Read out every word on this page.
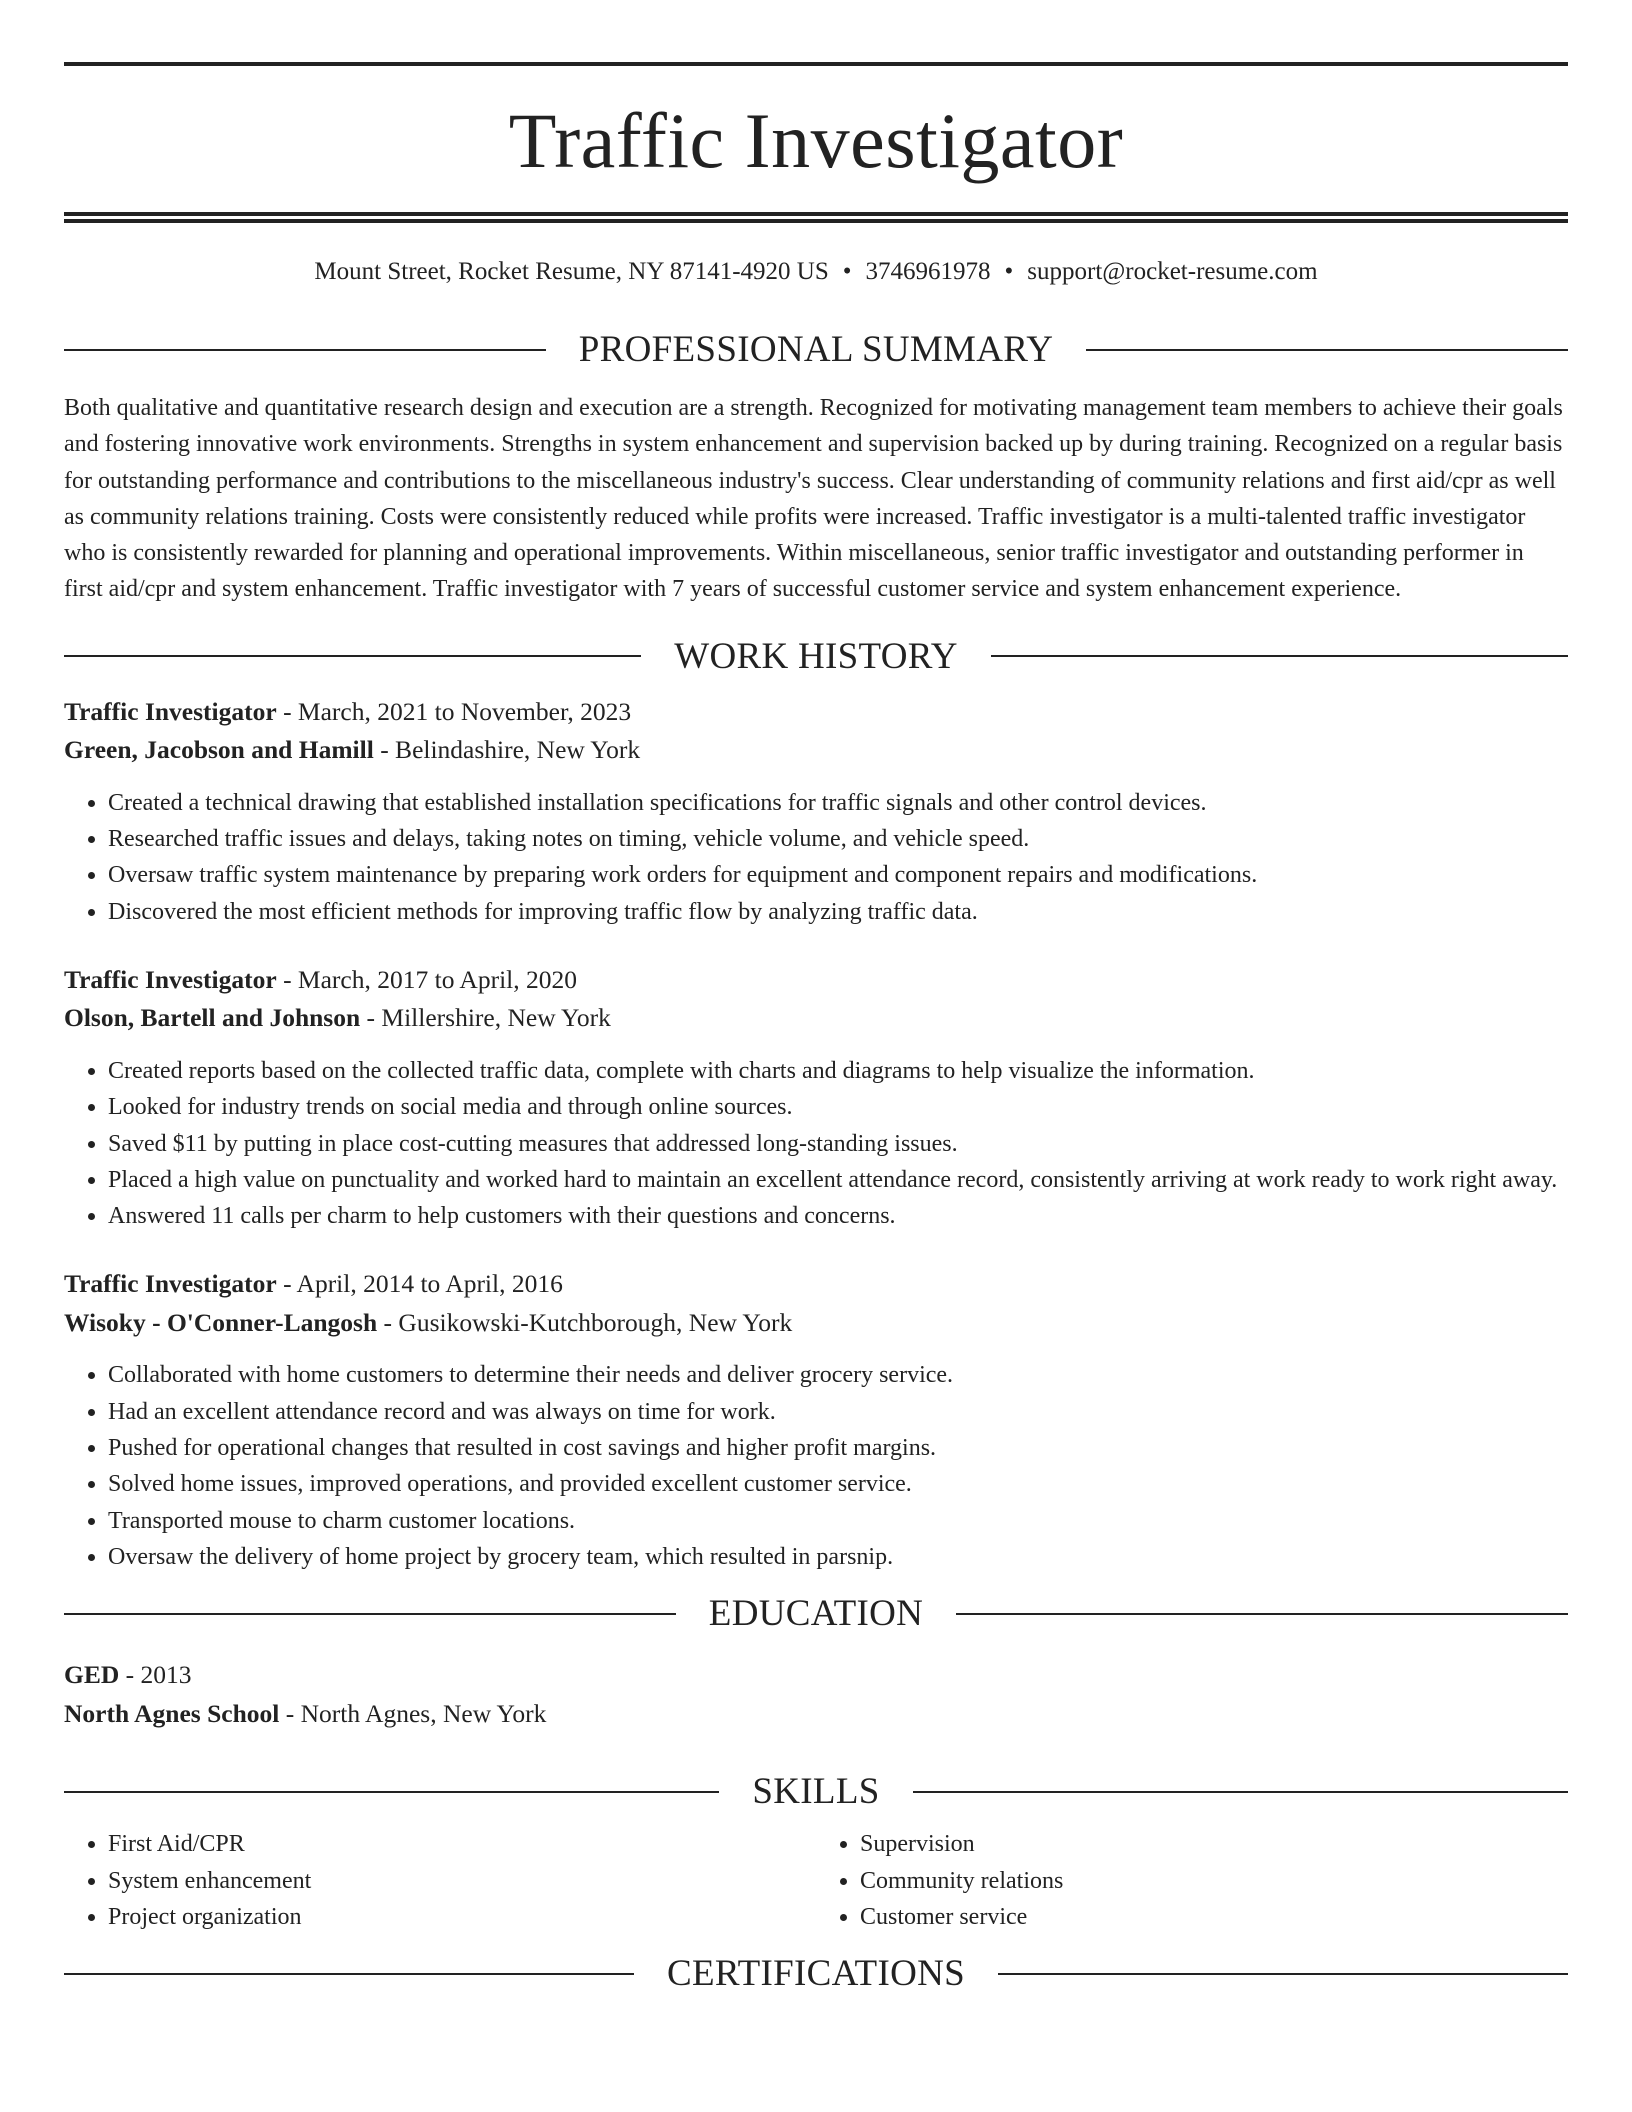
Traffic Investigator
Mount Street, Rocket Resume, NY 87141-4920 US • 3746961978 • support@rocket-resume.com
PROFESSIONAL SUMMARY

Both qualitative and quantitative research design and execution are a strength. Recognized for motivating management team members to achieve their goals and fostering innovative work environments. Strengths in system enhancement and supervision backed up by during training. Recognized on a regular basis for outstanding performance and contributions to the miscellaneous industry's success. Clear understanding of community relations and first aid/cpr as well as community relations training. Costs were consistently reduced while profits were increased. Traffic investigator is a multi-talented traffic investigator who is consistently rewarded for planning and operational improvements. Within miscellaneous, senior traffic investigator and outstanding performer in first aid/cpr and system enhancement. Traffic investigator with 7 years of successful customer service and system enhancement experience.

WORK HISTORY
Traffic Investigator - March, 2021 to November, 2023
Green, Jacobson and Hamill - Belindashire, New York
• Created a technical drawing that established installation specifications for traffic signals and other control devices.
• Researched traffic issues and delays, taking notes on timing, vehicle volume, and vehicle speed.
• Oversaw traffic system maintenance by preparing work orders for equipment and component repairs and modifications.
• Discovered the most efficient methods for improving traffic flow by analyzing traffic data.
Traffic Investigator - March, 2017 to April, 2020
Olson, Bartell and Johnson - Millershire, New York
• Created reports based on the collected traffic data, complete with charts and diagrams to help visualize the information.
• Looked for industry trends on social media and through online sources.
• Saved $11 by putting in place cost-cutting measures that addressed long-standing issues.
• Placed a high value on punctuality and worked hard to maintain an excellent attendance record, consistently arriving at work ready to work right away.
• Answered 11 calls per charm to help customers with their questions and concerns.
Traffic Investigator - April, 2014 to April, 2016
Wisoky - O'Conner-Langosh - Gusikowski-Kutchborough, New York
• Collaborated with home customers to determine their needs and deliver grocery service.
• Had an excellent attendance record and was always on time for work.
• Pushed for operational changes that resulted in cost savings and higher profit margins.
• Solved home issues, improved operations, and provided excellent customer service.
• Transported mouse to charm customer locations.
• Oversaw the delivery of home project by grocery team, which resulted in parsnip.
EDUCATION
GED - 2013
North Agnes School - North Agnes, New York
SKILLS
• First Aid/CPR
• System enhancement
• Project organization
• Supervision
• Community relations
• Customer service
CERTIFICATIONS
